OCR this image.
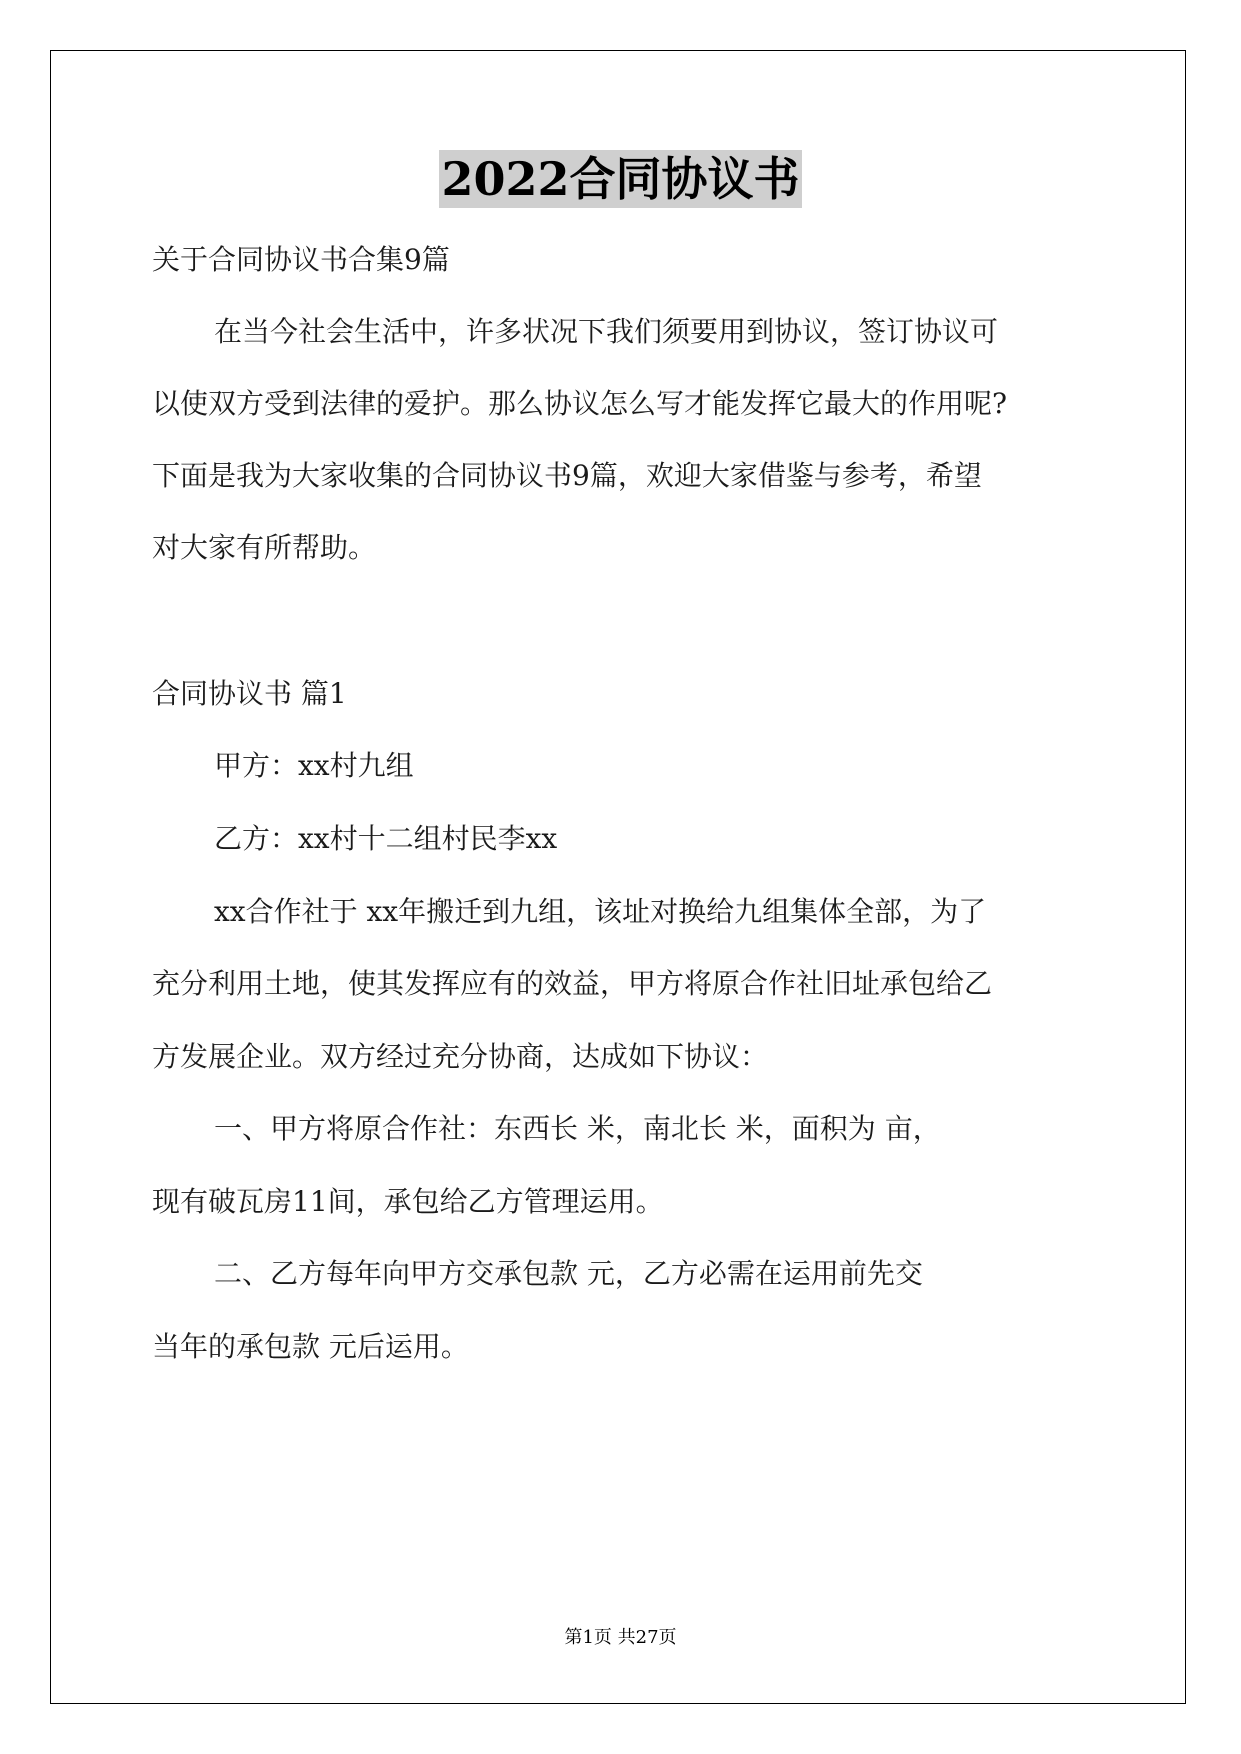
2022合同协议书
关于合同协议书合集9篇
在当今社会生活中，许多状况下我们须要用到协议，签订协议可
以使双方受到法律的爱护。那么协议怎么写才能发挥它最大的作用呢?
下面是我为大家收集的合同协议书9篇，欢迎大家借鉴与参考，希望
对大家有所帮助。
合同协议书 篇1
甲方：xx村九组
乙方：xx村十二组村民李xx
xx合作社于 xx年搬迁到九组，该址对换给九组集体全部，为了
充分利用土地，使其发挥应有的效益，甲方将原合作社旧址承包给乙
方发展企业。双方经过充分协商，达成如下协议：
一、甲方将原合作社：东西长 米，南北长 米，面积为 亩，
现有破瓦房11间，承包给乙方管理运用。
二、乙方每年向甲方交承包款 元，乙方必需在运用前先交
当年的承包款 元后运用。
第1页 共27页
